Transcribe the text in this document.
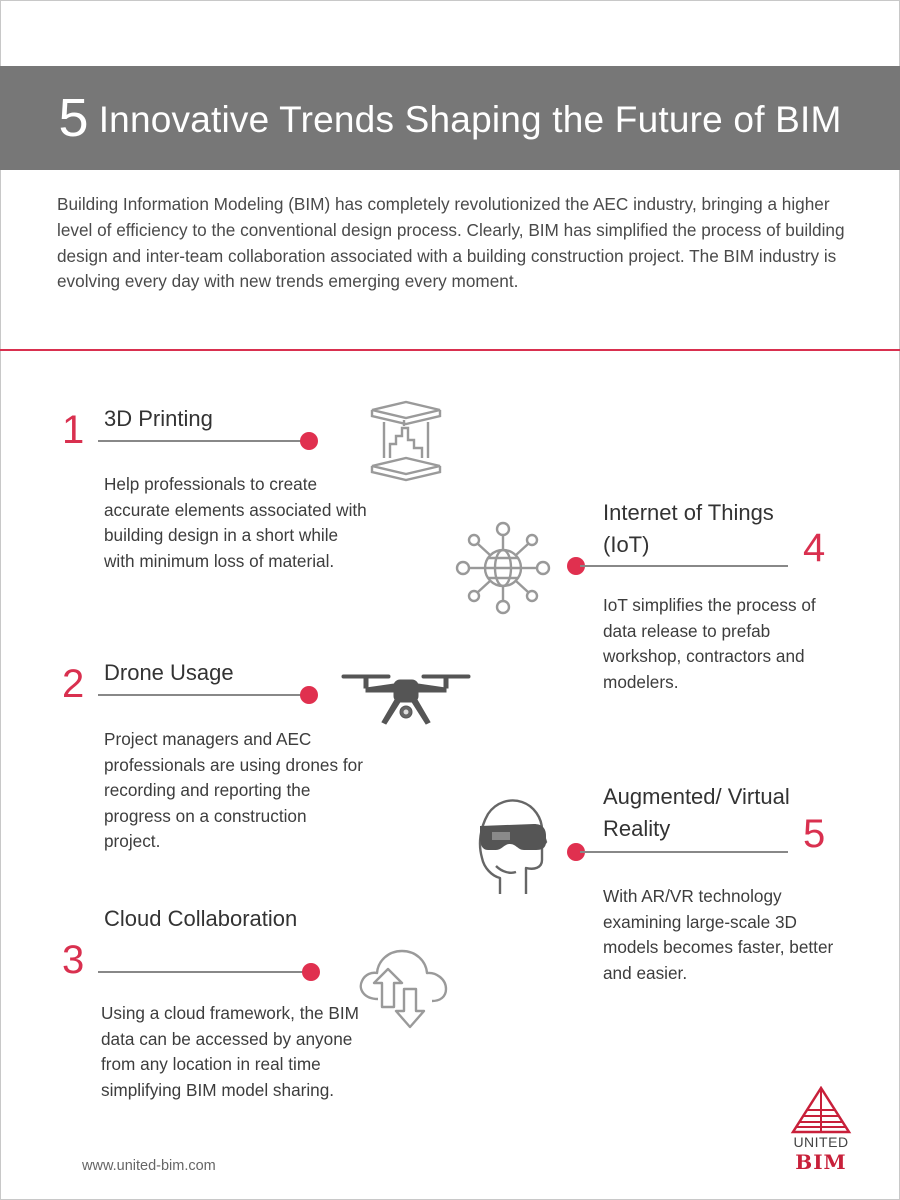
5 Innovative Trends Shaping the Future of BIM
Building Information Modeling (BIM) has completely revolutionized the AEC industry, bringing a higher level of efficiency to the conventional design process. Clearly, BIM has simplified the process of building design and inter-team collaboration associated with a building construction project. The BIM industry is evolving every day with new trends emerging every moment.
1 3D Printing
Help professionals to create accurate elements associated with building design in a short while with minimum loss of material.
2 Drone Usage
Project managers and AEC professionals are using drones for recording and reporting the progress on a construction project.
3
Cloud Collaboration
Using a cloud framework, the BIM data can be accessed by anyone from any location in real time simplifying BIM model sharing.
Internet of Things (IoT)	4
IoT simplifies the process of data release to prefab workshop, contractors and modelers.
Augmented/ Virtual Reality	5
With AR/VR technology examining large-scale 3D models becomes faster, better and easier.
www.united-bim.com
UNITED
BIM
